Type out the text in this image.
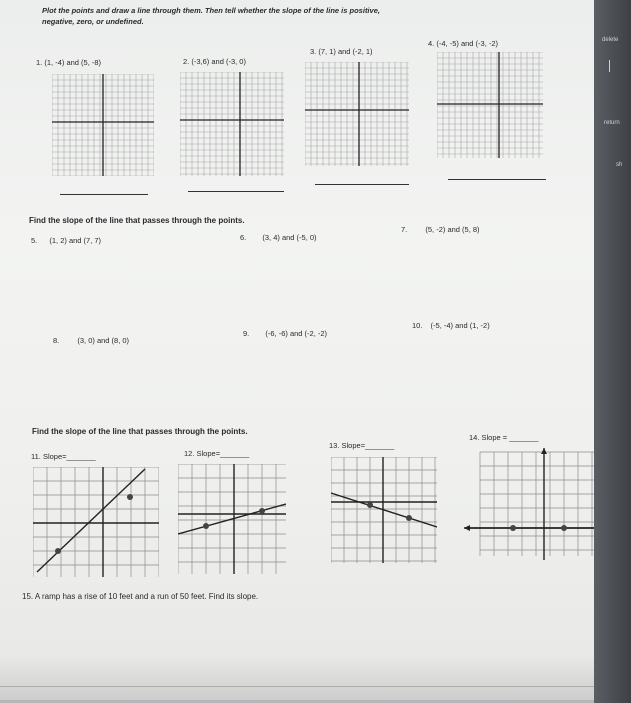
Plot the points and draw a line through them. Then tell whether the slope of the line is positive,
negative, zero, or undefined.
1. (1, -4) and (5, -8)	2. (-3,6) and (-3, 0)
3. (7, 1) and (-2, 1)
4. (-4, -5) and (-3, -2)
Find the slope of the line that passes through the points.
5. (1, 2) and (7, 7)	6. (3, 4) and (-5, 0)
7. (5, -2) and (5, 8)
8. (3, 0) and (8, 0)
9. (-6, -6) and (-2, -2)
10. (-5, -4) and (1, -2)
Find the slope of the line that passes through the points.
11. Slope=_______	12. Slope=_______
13. Slope=_______
14. Slope = _______
15. A ramp has a rise of 10 feet and a run of 50 feet. Find its slope.
delete
return
sh
